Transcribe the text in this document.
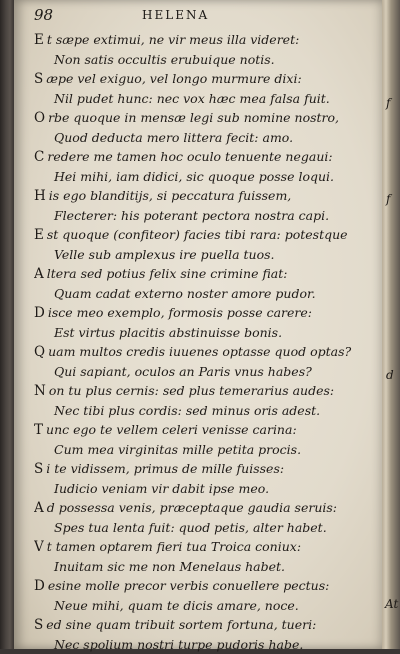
98	HELENA
E t sæpe extimui, ne vir meus illa videret:
Non satis occultis erubuique notis.
S æpe vel exiguo, vel longo murmure dixi:
Nil pudet hunc: nec vox hæc mea falsa fuit.
O rbe quoque in mensæ legi sub nomine nostro,
Quod deducta mero littera fecit: amo.
C redere me tamen hoc oculo tenuente negaui:
Hei mihi, iam didici, sic quoque posse loqui.
H is ego blanditijs, si peccatura fuissem,
Flecterer: his poterant pectora nostra capi.
E st quoque (confiteor) facies tibi rara: potestque
Velle sub amplexus ire puella tuos.
A ltera sed potius felix sine crimine fiat:
Quam cadat externo noster amore pudor.
D isce meo exemplo, formosis posse carere:
Est virtus placitis abstinuisse bonis.
Q uam multos credis iuuenes optasse quod optas?
Qui sapiant, oculos an Paris vnus habes?
N on tu plus cernis: sed plus temerarius audes:
Nec tibi plus cordis: sed minus oris adest.
T unc ego te vellem celeri venisse carina:
Cum mea virginitas mille petita procis.
S i te vidissem, primus de mille fuisses:
Iudicio veniam vir dabit ipse meo.
A d possessa venis, præceptaque gaudia seruis:
Spes tua lenta fuit: quod petis, alter habet.
V t tamen optarem fieri tua Troica coniux:
Inuitam sic me non Menelaus habet.
D esine molle precor verbis conuellere pectus:
Neue mihi, quam te dicis amare, noce.
S ed sine quam tribuit sortem fortuna, tueri:
Nec spolium nostri turpe pudoris habe.
f
f
d
At
